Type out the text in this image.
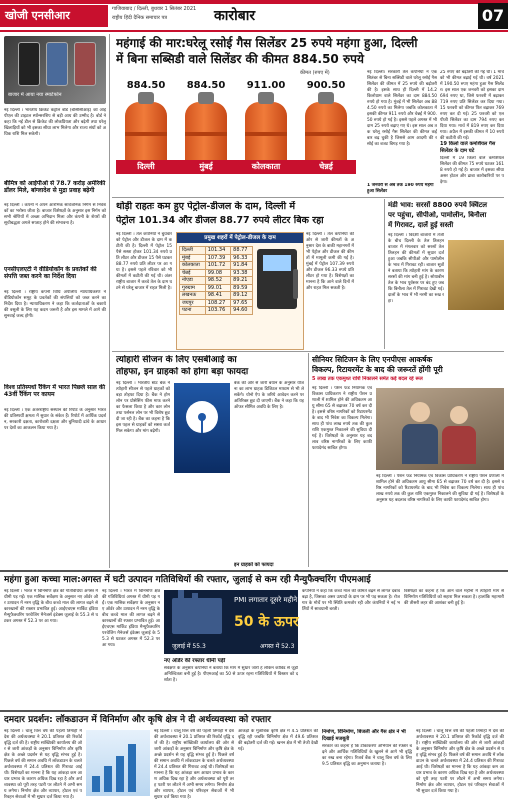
खोजी एनसीआर	गाजियाबाद / दिल्ली, बुधवार 1 सितंबर 2021
राष्ट्रीय हिंदी दैनिक समाचार पत्र	कारोबार	07
बाजार में आया नया स्मार्टफोन
नई दिल्ली । भारतीय क्रिकेट कंट्रोल बोर्ड (बीसीसीआई) को आईपीएल की टाइटल स्पॉन्सरशिप से बड़ी आय की उम्मीद है। बोर्ड ने कहा कि नई डील से क्रिकेट की लोकप्रियता और बढ़ेगी तथा घरेलू खिलाड़ियों को भी इसका सीधा लाभ मिलेगा और राज्य संघों को अधिक राशि मिल सकेगी।
बीमित्र को आईपीओ से 78.7 करोड़ अमेरिकी डॉलर मिले, बांग्लादेश से मुद्रा प्रवाह बढ़ेगी
नई दिल्ली । कंपनी ने अपने आरंभिक सार्वजनिक निर्गम से निवेशकों का भरोसा जीता है। बाजार विशेषज्ञों के अनुसार इस निर्गम को सभी श्रेणियों में अच्छा अभिदान मिला और कंपनी के शेयरों की सूचीबद्धता अगले सप्ताह होने की संभावना है।
एनसीएलएटी ने वीडियोकॉन के प्रवर्तकों की संपत्ति जब्त करने का निर्देश दिया
नई दिल्ली । राष्ट्रीय कंपनी विधि अपीलीय न्यायाधिकरण ने वीडियोकॉन समूह के प्रवर्तकों की संपत्तियों को जब्त करने का निर्देश दिया है। न्यायाधिकरण ने कहा कि कर्जदाताओं के बकाये की वसूली के लिए यह कदम जरूरी है और इस मामले में आगे की सुनवाई जल्द होगी।
विश्व प्रतिस्पर्धा रैंकिंग में भारत पिछले साल की 43वीं रैंकिंग पर कायम
नई दिल्ली । एक अंतरराष्ट्रीय संस्थान की रिपोर्ट के अनुसार भारत की प्रतिस्पर्धी क्षमता में सुधार के संकेत हैं। रिपोर्ट में आर्थिक प्रदर्शन, सरकारी दक्षता, कारोबारी दक्षता और बुनियादी ढांचे के आधार पर देशों का आकलन किया गया है।
महंगाई की मार:घरेलू रसोई गैस सिलेंडर 25 रुपये महंगा हुआ, दिल्ली
में बिना सब्सिडी वाले सिलेंडर की कीमत 884.50 रुपये
884.50	884.50	911.00	900.50
दिल्ली	मुंबई	कोलकाता	चेन्नई
कीमत (रुपए में)	नई दिल्ली। सरकारी तेल कंपनियों ने एक सितंबर से बिना सब्सिडी वाले घरेलू रसोई गैस सिलेंडर की कीमत में 25 रुपये की बढ़ोतरी की है। इसके साथ ही दिल्ली में 14.2 किलोग्राम वाले सिलेंडर का दाम 884.50 रुपये हो गया है। मुंबई में भी सिलेंडर अब 884.50 रुपये का मिलेगा जबकि कोलकाता में इसकी कीमत 911 रुपये और चेन्नई में 900.50 रुपये हो गई है। इससे पहले अगस्त में भी दाम 25 रुपये बढ़ाए गए थे। इस साल अब तक घरेलू रसोई गैस सिलेंडर की कीमत कई बार बढ़ चुकी है जिससे आम आदमी की रसोई का बजट बिगड़ गया है।
25 रुपए की बढ़ोतरी की गई थी। 1 मार्च को भी कीमत बढ़ाई गई थी। वर्ष 2021 में 190.50 रुपए महंगा हुआ गैस सिलेंडर। इस साल एक जनवरी को इसका दाम 694 रुपए था, जिसे फरवरी में बढ़ाकर 719 रुपए प्रति सिलेंडर कर दिया गया। 15 फरवरी को कीमत फिर बढ़ाकर 769 रुपए कर दी गई। 25 फरवरी को एलपीजी सिलेंडर का दाम 794 रुपए कर दिया गया। मार्च में 819 रुपए कर दिया गया। अप्रैल में इसकी कीमत में 10 रुपये की कटौती की गई।
19 किलो वाले कमर्शियल गैस सिलेंडर के दाम घटे
दिल्ली में 19 किलो वाले कमर्शियल सिलेंडर की कीमत 75 रुपये घटकर 1618 रुपये हो गई है। बाजार में इसका सीधा असर होटल और ढाबा कारोबारियों पर पड़ेगा।
1 जनवरी से अब तक 190 रुपये महंगा हुआ सिलेंडर
थोड़ी राहतः कम हुए पेट्रोल-डीजल के दाम, दिल्ली में
पेट्रोल 101.34 और डीजल 88.77 रुपये लीटर बिक रहा
नई दिल्ली । तेल कंपनियों ने बुधवार को पेट्रोल और डीजल के दाम में कटौती की है। दिल्ली में पेट्रोल 15 पैसे सस्ता होकर 101.34 रुपये प्रति लीटर और डीजल 15 पैसे घटकर 88.77 रुपये प्रति लीटर पर आ गया है। इससे पहले रविवार को भी कीमतों में कटौती की गई थी। अंतरराष्ट्रीय बाजार में कच्चे तेल के दाम घटने से घरेलू बाजार में राहत मिली है।
प्रमुख शहरों में पेट्रोल-डीजल के दाम
दिल्ली	101.34	88.77
मुंबई	107.39	96.33
कोलकाता	101.72	91.84
चेन्नई	99.08	93.38
नोएडा	98.52	89.21
गुरुग्राम	99.01	89.59
लखनऊ	98.41	89.12
जयपुर	108.27	97.65
पटना	103.76	94.60
नई दिल्ली । तेल कंपनियों की ओर से जारी कीमतों के अनुसार देश के बाकी महानगरों में भी पेट्रोल और डीजल की कीमतों में मामूली कमी की गई है। मुंबई में पेट्रोल 107.39 रुपये और डीजल 96.33 रुपये प्रति लीटर हो गया है। विशेषज्ञों का मानना है कि आने वाले दिनों में और राहत मिल सकती है।
मंडी भाव: सरसों 8800 रुपये क्विंटल
पर पहुंचा, सीपीओ, पामोलीन, बिनौला
में गिरावट, दालें हुई सस्ती
नई दिल्ली । विदेशी बाजारों में तेजी के बीच दिल्ली के तेल तिलहन बाजार में मंगलवार को सरसों तेल तिलहन की कीमतों में सुधार दर्ज हुआ जबकि सीपीओ और पामोलीन के भाव में गिरावट रही। बाजार सूत्रों ने बताया कि त्योहारी मांग के कारण सरसों की मांग बनी हुई है। सोयाबीन तेल के भाव पूर्वस्तर पर बंद हुए जबकि बिनौला तेल में गिरावट देखी गई। दालों के भाव में भी नरमी का रुख रहा।
त्योहारी सीजन के लिए एसबीआई का
तोहफा, इन ग्राहकों को होगा बड़ा फायदा
नई दिल्ली । भारतीय स्टेट बैंक ने त्योहारी सीजन से पहले ग्राहकों को बड़ा तोहफा दिया है। बैंक ने होम लोन पर प्रोसेसिंग फीस माफ करने का फैसला किया है और कार लोन तथा पर्सनल लोन पर भी विशेष छूट दी जा रही है। बैंक का कहना है कि इस पहल से ग्राहकों को सस्ता कर्ज मिल सकेगा और मांग बढ़ेगी।
बैंक की ओर से जारी बयान के अनुसार योजना का लाभ ग्राहक डिजिटल माध्यम से भी ले सकेंगे। योनो ऐप के जरिये आवेदन करने पर अतिरिक्त छूट दी जाएगी। बैंक ने कहा कि यह ऑफर सीमित अवधि के लिए है।
इन ग्राहकों को फायदा
सीनियर सिटिजन के लिए एनपीएस आकर्षक
विकल्प, रिटायरमेंट के बाद की जरूरतें होंगी पूरी
5 लाख तक एकमुश्त राशि निकालने समेत कई बदल रहे रूल
नई दिल्ली । पेंशन फंड नियामक एवं विकास प्राधिकरण ने राष्ट्रीय पेंशन प्रणाली में शामिल होने की अधिकतम आयु सीमा 65 से बढ़ाकर 70 वर्ष कर दी है। इससे वरिष्ठ नागरिकों को रिटायरमेंट के बाद भी निवेश का विकल्प मिलेगा। साथ ही पांच लाख रुपये तक की कुल राशि एकमुश्त निकालने की सुविधा दी गई है। विशेषज्ञों के अनुसार यह बदलाव वरिष्ठ नागरिकों के लिए काफी फायदेमंद साबित होगा।
नई दिल्ली । पेंशन फंड नियामक एवं विकास प्राधिकरण ने राष्ट्रीय पेंशन प्रणाली में शामिल होने की अधिकतम आयु सीमा 65 से बढ़ाकर 70 वर्ष कर दी है। इससे वरिष्ठ नागरिकों को रिटायरमेंट के बाद भी निवेश का विकल्प मिलेगा। साथ ही पांच लाख रुपये तक की कुल राशि एकमुश्त निकालने की सुविधा दी गई है। विशेषज्ञों के अनुसार यह बदलाव वरिष्ठ नागरिकों के लिए काफी फायदेमंद साबित होगा।
महंगा हुआ कच्चा माल:अगस्त में घटी उत्पादन गतिविधियों की रफ्तार, जुलाई से कम रही मैन्युफैक्चरिंग पीएमआई
नई दिल्ली । भारत में विनिर्माण क्षेत्र की गतिविधियां अगस्त में धीमी पड़ गईं। एक मासिक सर्वेक्षण के अनुसार नए ऑर्डर और उत्पादन में नरम वृद्धि के बीच कच्चे माल की लागत बढ़ने से कारखानों की रफ्तार प्रभावित हुई। आईएचएस मार्किट इंडिया मैन्युफैक्चरिंग परचेजिंग मैनेजर्स इंडेक्स जुलाई के 55.3 से घटकर अगस्त में 52.3 पर आ गया।
नई दिल्ली । भारत में विनिर्माण क्षेत्र की गतिविधियां अगस्त में धीमी पड़ गईं। एक मासिक सर्वेक्षण के अनुसार नए ऑर्डर और उत्पादन में नरम वृद्धि के बीच कच्चे माल की लागत बढ़ने से कारखानों की रफ्तार प्रभावित हुई। आईएचएस मार्किट इंडिया मैन्युफैक्चरिंग परचेजिंग मैनेजर्स इंडेक्स जुलाई के 55.3 से घटकर अगस्त में 52.3 पर आ गया।
PMI लगातार दूसरे महीने
50 के ऊपर
जुलाई में 55.3	अगस्त में 52.3
नए ऑर्डर की रफ्तार धीमी पड़ी
सर्वेक्षण के अनुसार कंपनियों ने बताया कि मांग में सुधार जारी है लेकिन कोविड से जुड़ी अनिश्चितता बनी हुई है। पीएमआई का 50 से ऊपर रहना गतिविधियों में विस्तार को दर्शाता है।
कंपनियों ने कहा कि कच्चे माल की कीमतें बढ़ने से लागत दबाव बढ़ा है, जिसका असर उत्पादों के दाम पर भी पड़ सकता है। रोजगार के मोर्चे पर भी स्थिति कमजोर रही और कंपनियों ने नई भर्तियों में सावधानी बरती।
विशेषज्ञों का कहना है कि आने वाले महीनों में त्योहारी मांग से विनिर्माण गतिविधियों को सहारा मिल सकता है। हालांकि महामारी की तीसरी लहर की आशंका बनी हुई है।
दमदार प्रदर्शन: लॉकडाउन में विनिर्माण और कृषि क्षेत्र ने दी अर्थव्यवस्था को रफ्तार
नई दिल्ली । चालू वित्त वर्ष की पहली तिमाही में देश की अर्थव्यवस्था ने 20.1 प्रतिशत की रिकॉर्ड वृद्धि दर्ज की है। राष्ट्रीय सांख्यिकी कार्यालय की ओर से जारी आंकड़ों के अनुसार विनिर्माण और कृषि क्षेत्र के अच्छे प्रदर्शन से यह वृद्धि संभव हुई है। पिछले वर्ष की समान अवधि में लॉकडाउन के चलते अर्थव्यवस्था में 24.4 प्रतिशत की गिरावट आई थी। विशेषज्ञों का मानना है कि यह आंकड़ा कम आधार प्रभाव के कारण अधिक दिख रहा है और अर्थव्यवस्था को पूरी तरह पटरी पर लौटने में अभी समय लगेगा। निर्माण क्षेत्र और व्यापार, होटल एवं परिवहन सेवाओं में भी सुधार दर्ज किया गया है।
नई दिल्ली । चालू वित्त वर्ष की पहली तिमाही में देश की अर्थव्यवस्था ने 20.1 प्रतिशत की रिकॉर्ड वृद्धि दर्ज की है। राष्ट्रीय सांख्यिकी कार्यालय की ओर से जारी आंकड़ों के अनुसार विनिर्माण और कृषि क्षेत्र के अच्छे प्रदर्शन से यह वृद्धि संभव हुई है। पिछले वर्ष की समान अवधि में लॉकडाउन के चलते अर्थव्यवस्था में 24.4 प्रतिशत की गिरावट आई थी। विशेषज्ञों का मानना है कि यह आंकड़ा कम आधार प्रभाव के कारण अधिक दिख रहा है और अर्थव्यवस्था को पूरी तरह पटरी पर लौटने में अभी समय लगेगा। निर्माण क्षेत्र और व्यापार, होटल एवं परिवहन सेवाओं में भी सुधार दर्ज किया गया है।
आंकड़ों के मुताबिक कृषि क्षेत्र में 4.5 प्रतिशत की वृद्धि रही जबकि विनिर्माण क्षेत्र में 49.6 प्रतिशत की बढ़ोतरी दर्ज की गई। खनन क्षेत्र में भी तेजी देखी गई।
निर्माण, विनिर्माण, बिजली और गैस क्षेत्र ने भी दिखाई मजबूती
सरकार का कहना है कि टीकाकरण अभियान की रफ्तार बढ़ने और आर्थिक गतिविधियों के खुलने से आगे भी वृद्धि का रुख बना रहेगा। रिजर्व बैंक ने चालू वित्त वर्ष के लिए 9.5 प्रतिशत वृद्धि का अनुमान जताया है।
नई दिल्ली । चालू वित्त वर्ष की पहली तिमाही में देश की अर्थव्यवस्था ने 20.1 प्रतिशत की रिकॉर्ड वृद्धि दर्ज की है। राष्ट्रीय सांख्यिकी कार्यालय की ओर से जारी आंकड़ों के अनुसार विनिर्माण और कृषि क्षेत्र के अच्छे प्रदर्शन से यह वृद्धि संभव हुई है। पिछले वर्ष की समान अवधि में लॉकडाउन के चलते अर्थव्यवस्था में 24.4 प्रतिशत की गिरावट आई थी। विशेषज्ञों का मानना है कि यह आंकड़ा कम आधार प्रभाव के कारण अधिक दिख रहा है और अर्थव्यवस्था को पूरी तरह पटरी पर लौटने में अभी समय लगेगा। निर्माण क्षेत्र और व्यापार, होटल एवं परिवहन सेवाओं में भी सुधार दर्ज किया गया है।
